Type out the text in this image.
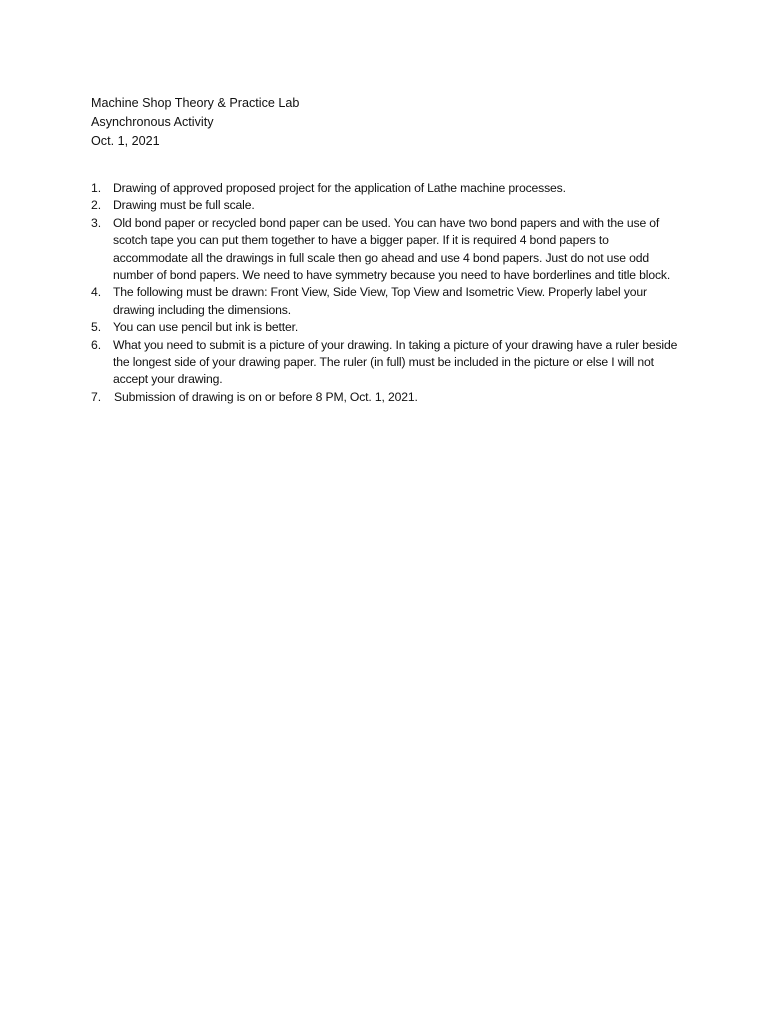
Machine Shop Theory & Practice Lab
Asynchronous Activity
Oct. 1, 2021
1. Drawing of approved proposed project for the application of Lathe machine processes.
2. Drawing must be full scale.
3. Old bond paper or recycled bond paper can be used. You can have two bond papers and with the use of scotch tape you can put them together to have a bigger paper. If it is required 4 bond papers to accommodate all the drawings in full scale then go ahead and use 4 bond papers. Just do not use odd number of bond papers. We need to have symmetry because you need to have borderlines and title block.
4. The following must be drawn: Front View, Side View, Top View and Isometric View. Properly label your drawing including the dimensions.
5. You can use pencil but ink is better.
6. What you need to submit is a picture of your drawing. In taking a picture of your drawing have a ruler beside the longest side of your drawing paper. The ruler (in full) must be included in the picture or else I will not accept your drawing.
7.	Submission of drawing is on or before 8 PM, Oct. 1, 2021.
